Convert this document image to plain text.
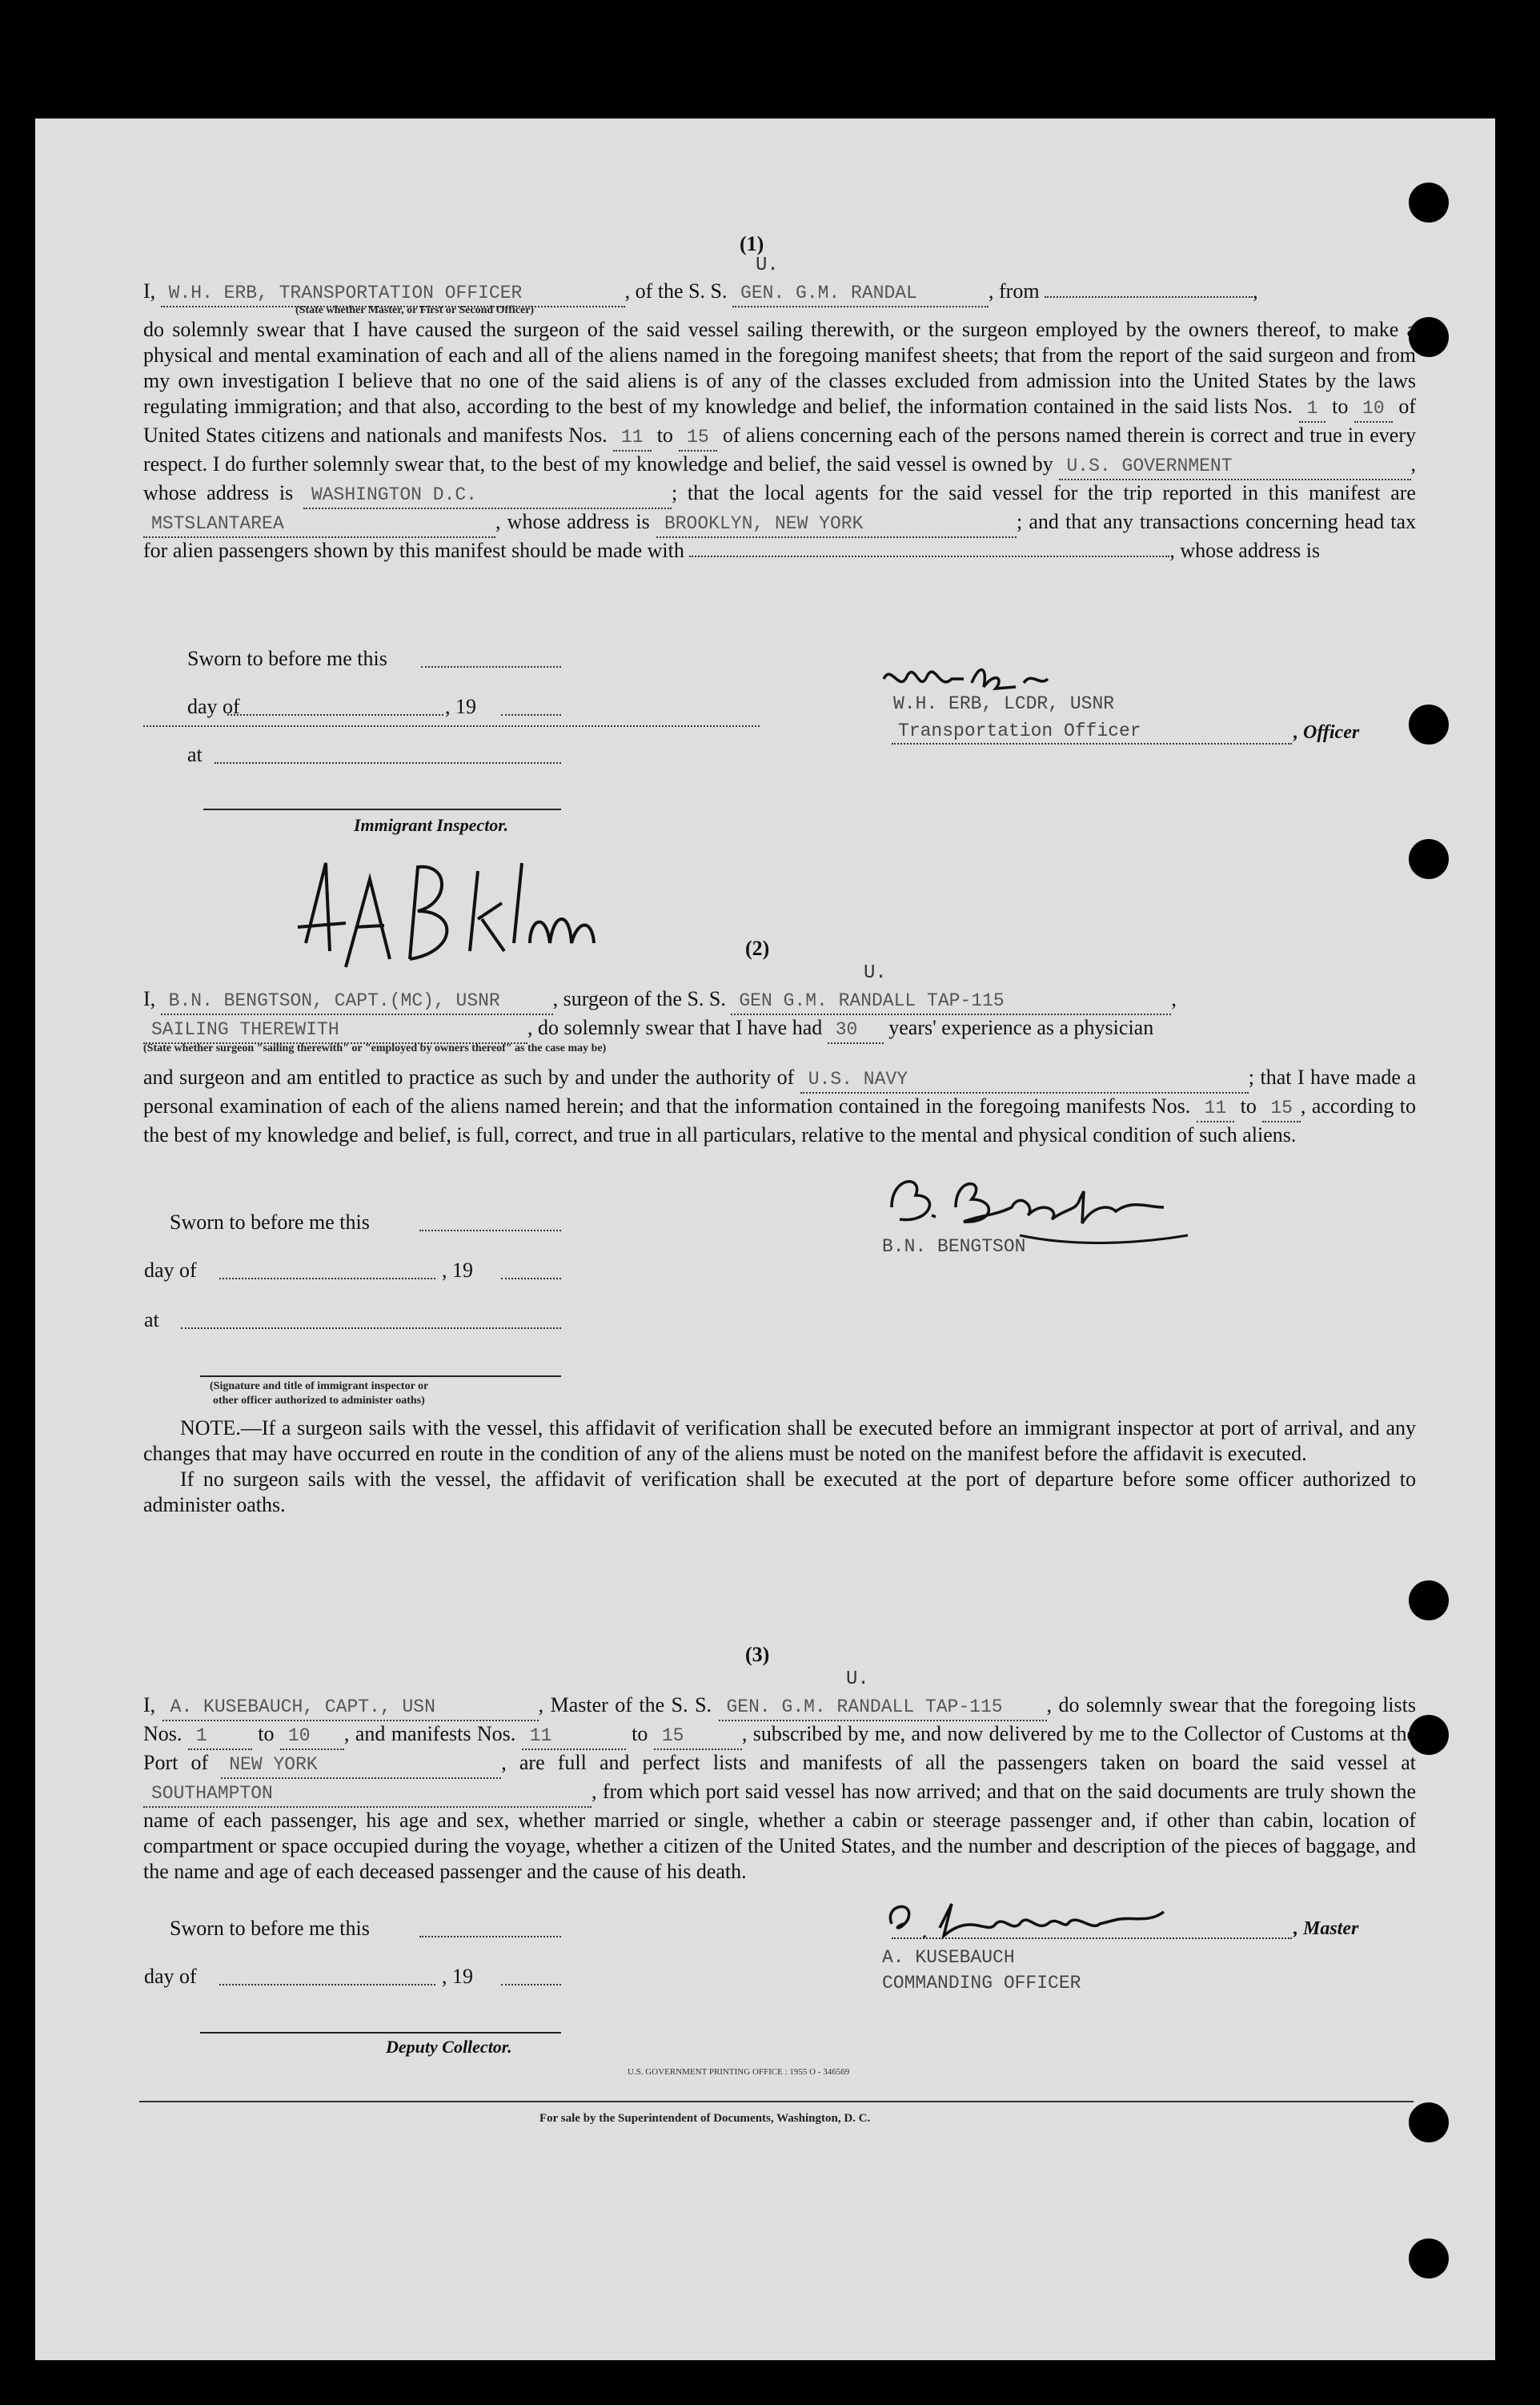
(1)
U.

I, W.H. ERB, TRANSPORTATION OFFICER	, of the S. S. GEN. G.M. RANDAL	, from	,

(State whether Master, or First or Second Officer)

do solemnly swear that I have caused the surgeon of the said vessel sailing therewith, or the surgeon employed by the owners thereof, to make a physical and mental examination of each and all of the aliens named in the foregoing manifest sheets; that from the report of the said surgeon and from my own investigation I believe that no one of the said aliens is of any of the classes excluded from admission into the United States by the laws regulating immigration; and that also, according to the best of my knowledge and belief, the information contained in the said lists Nos. 1 to 10 of United States citizens and nationals and manifests Nos. 11 to 15 of aliens concerning each of the persons named therein is correct and true in every respect. I do further solemnly swear that, to the best of my knowledge and belief, the said vessel is owned by U.S. GOVERNMENT	, whose address is WASHINGTON D.C.	; that the local agents for the said vessel for the trip reported in this manifest are MSTSLANTAREA	, whose address is BROOKLYN, NEW YORK	; and that any transactions concerning head tax for alien passengers shown by this manifest should be made with	, whose address is

Sworn to before me this
day of	, 19
at
Immigrant Inspector.
W.H. ERB, LCDR, USNR
Transportation Officer	, Officer
(2)
U.

I, B.N. BENGTSON, CAPT.(MC), USNR	, surgeon of the S. S. GEN G.M. RANDALL TAP-115	,

SAILING THEREWITH	, do solemnly swear that I have had 30 years' experience as a physician

(State whether surgeon "sailing therewith" or "employed by owners thereof" as the case may be)

and surgeon and am entitled to practice as such by and under the authority of U.S. NAVY	; that I have made a personal examination of each of the aliens named herein; and that the information contained in the foregoing manifests Nos. 11 to 15 , according to the best of my knowledge and belief, is full, correct, and true in all particulars, relative to the mental and physical condition of such aliens.

Sworn to before me this
day of	, 19
at
(Signature and title of immigrant inspector or
other officer authorized to administer oaths)
B.N. BENGTSON

NOTE.—If a surgeon sails with the vessel, this affidavit of verification shall be executed before an immigrant inspector at port of arrival, and any changes that may have occurred en route in the condition of any of the aliens must be noted on the manifest before the affidavit is executed.

If no surgeon sails with the vessel, the affidavit of verification shall be executed at the port of departure before some officer authorized to administer oaths.

(3)
U.

I, A. KUSEBAUCH, CAPT., USN	, Master of the S. S. GEN. G.M. RANDALL TAP-115 , do solemnly swear that the foregoing lists Nos. 1 to 10 , and manifests Nos. 11	to 15	, subscribed by me, and now delivered by me to the Collector of Customs at the Port of NEW YORK	, are full and perfect lists and manifests of all the passengers taken on board the said vessel at SOUTHAMPTON	, from which port said vessel has now arrived; and that on the said documents are truly shown the name of each passenger, his age and sex, whether married or single, whether a cabin or steerage passenger and, if other than cabin, location of compartment or space occupied during the voyage, whether a citizen of the United States, and the number and description of the pieces of baggage, and the name and age of each deceased passenger and the cause of his death.

Sworn to before me this
day of	, 19
Deputy Collector.
, Master
A. KUSEBAUCH
COMMANDING OFFICER
U.S. GOVERNMENT PRINTING OFFICE : 1955 O - 346569
For sale by the Superintendent of Documents, Washington, D. C.
